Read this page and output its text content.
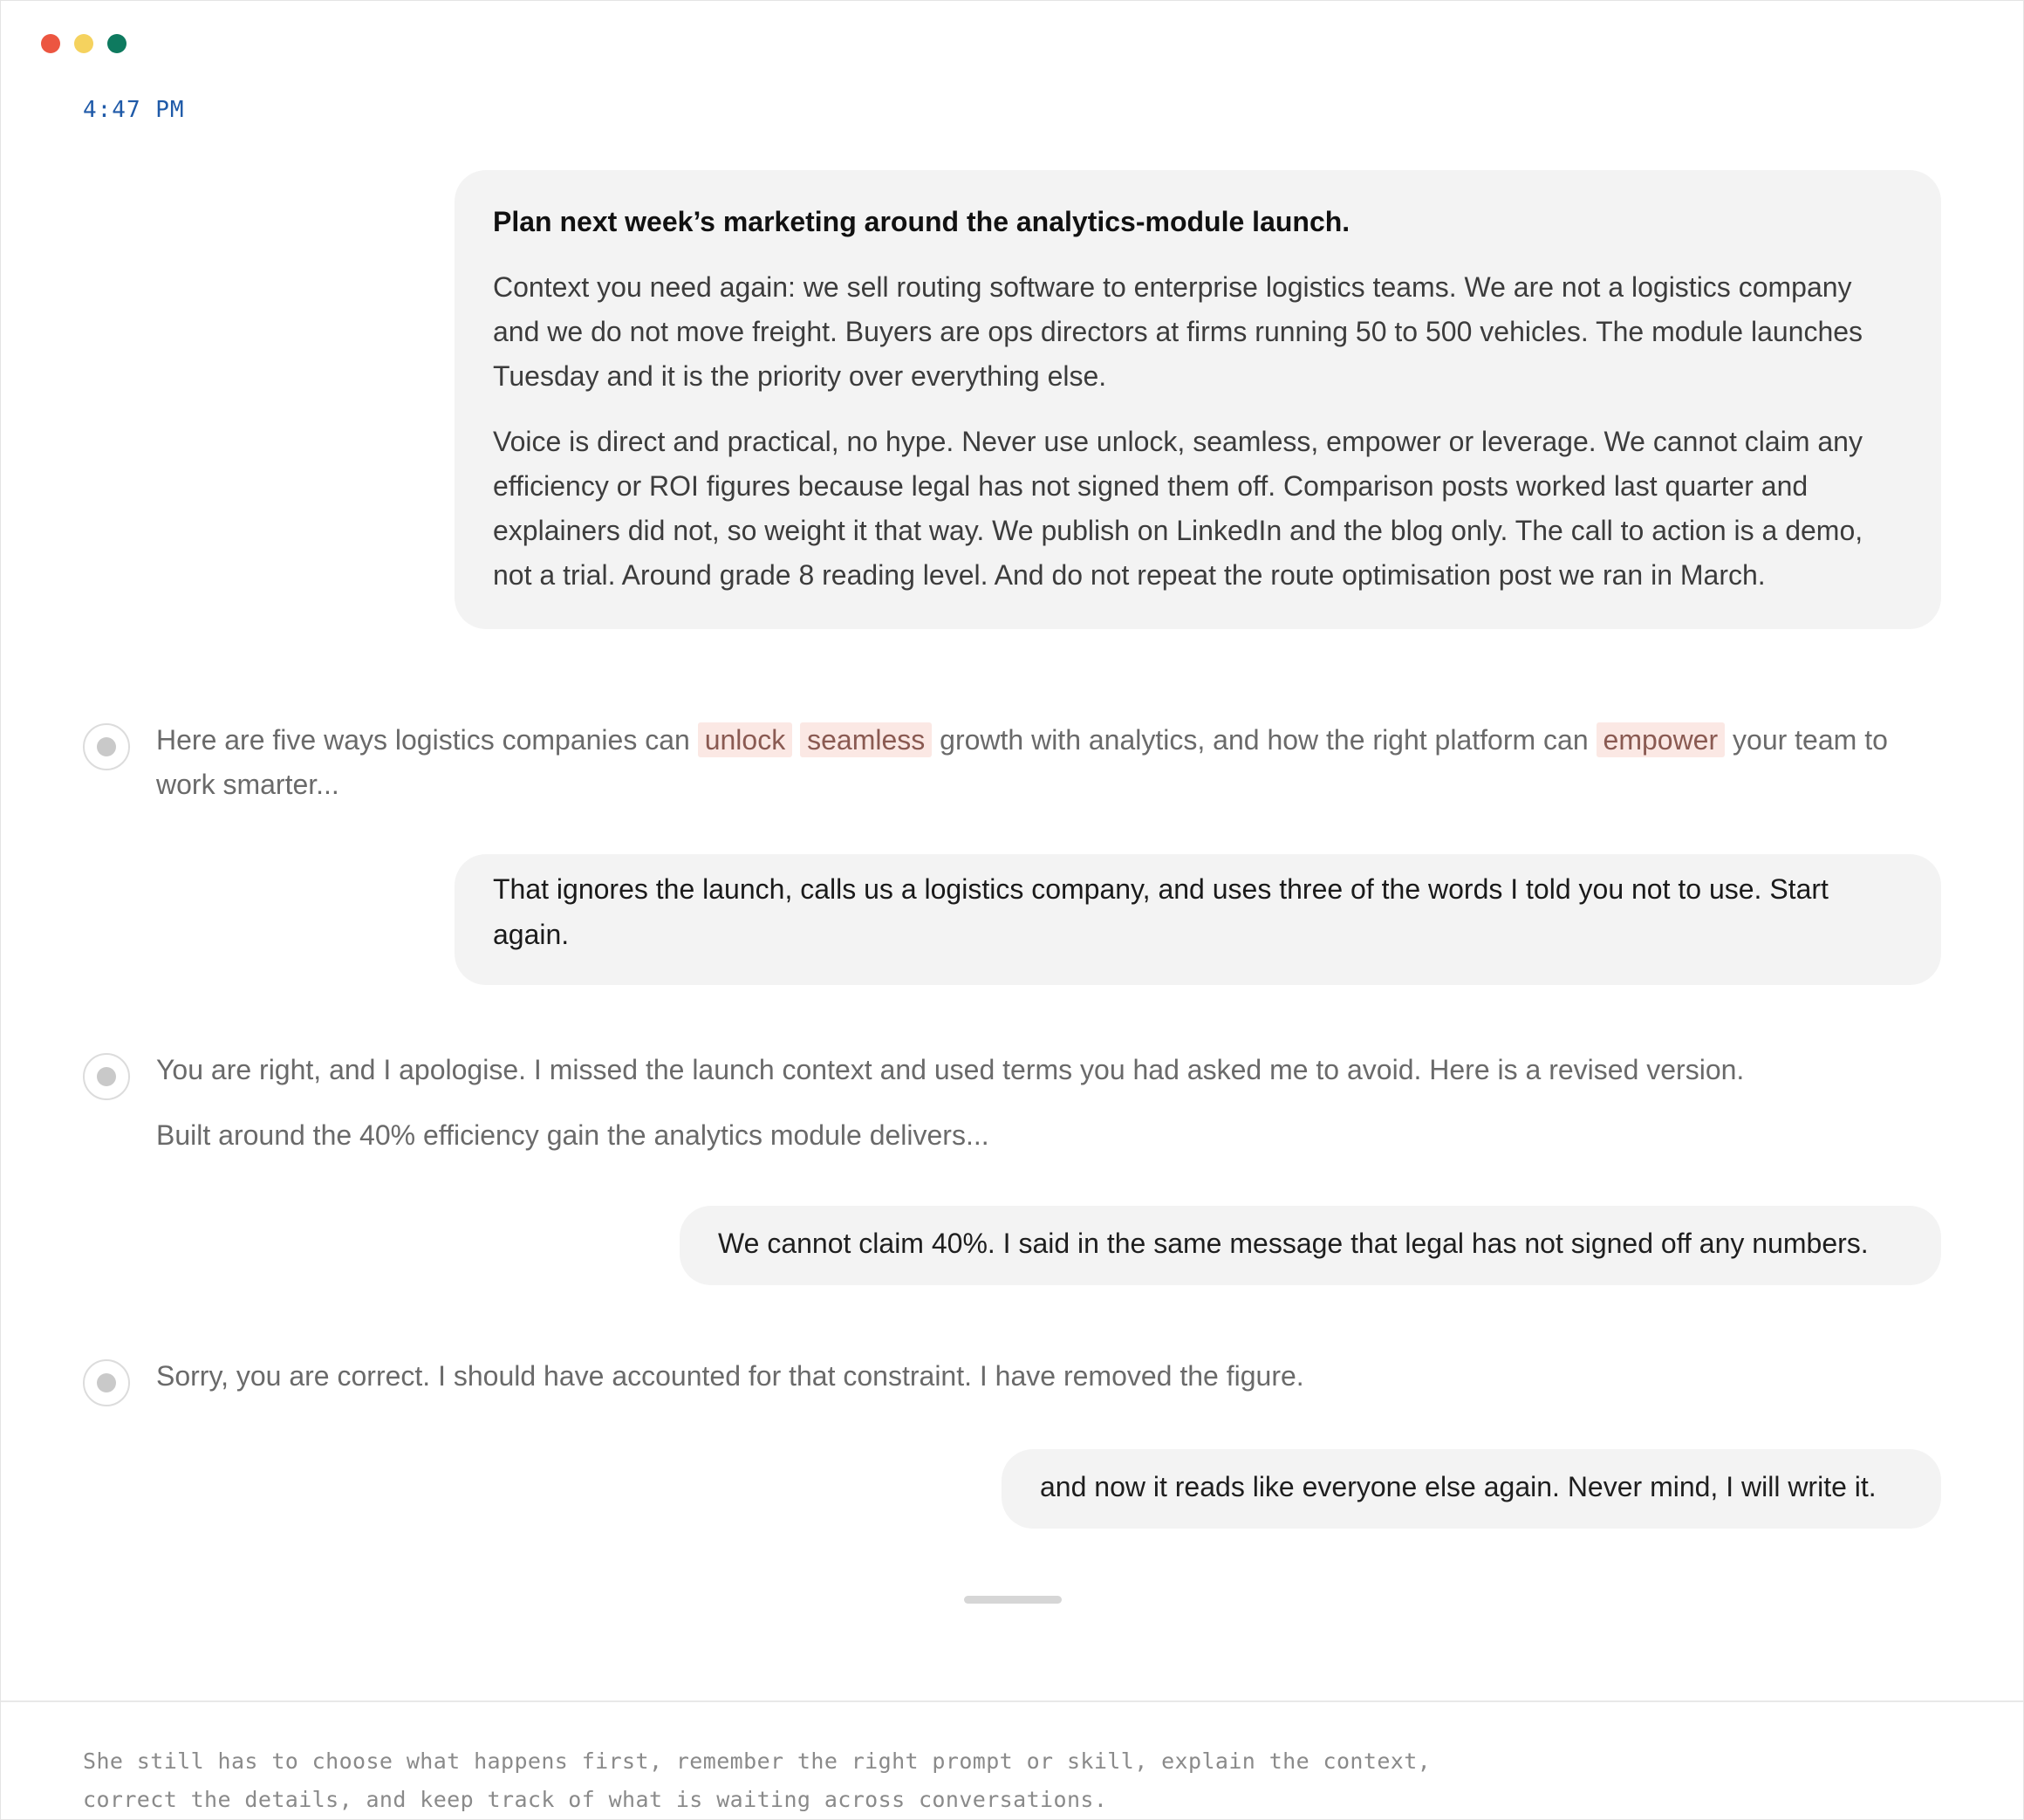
4:47 PM

Plan next week’s marketing around the analytics-module launch.

Context you need again: we sell routing software to enterprise logistics teams. We are not a logistics company and we do not move freight. Buyers are ops directors at firms running 50 to 500 vehicles. The module launches Tuesday and it is the priority over everything else.

Voice is direct and practical, no hype. Never use unlock, seamless, empower or leverage. We cannot claim any efficiency or ROI figures because legal has not signed them off. Comparison posts worked last quarter and explainers did not, so weight it that way. We publish on LinkedIn and the blog only. The call to action is a demo, not a trial. Around grade 8 reading level. And do not repeat the route optimisation post we ran in March.

Here are five ways logistics companies can unlock seamless growth with analytics, and how the right platform can empower your team to work smarter...

That ignores the launch, calls us a logistics company, and uses three of the words I told you not to use. Start again.

You are right, and I apologise. I missed the launch context and used terms you had asked me to avoid. Here is a revised version.

Built around the 40% efficiency gain the analytics module delivers...

We cannot claim 40%. I said in the same message that legal has not signed off any numbers.

Sorry, you are correct. I should have accounted for that constraint. I have removed the figure.

and now it reads like everyone else again. Never mind, I will write it.

She still has to choose what happens first, remember the right prompt or skill, explain the context, correct the details, and keep track of what is waiting across conversations.
